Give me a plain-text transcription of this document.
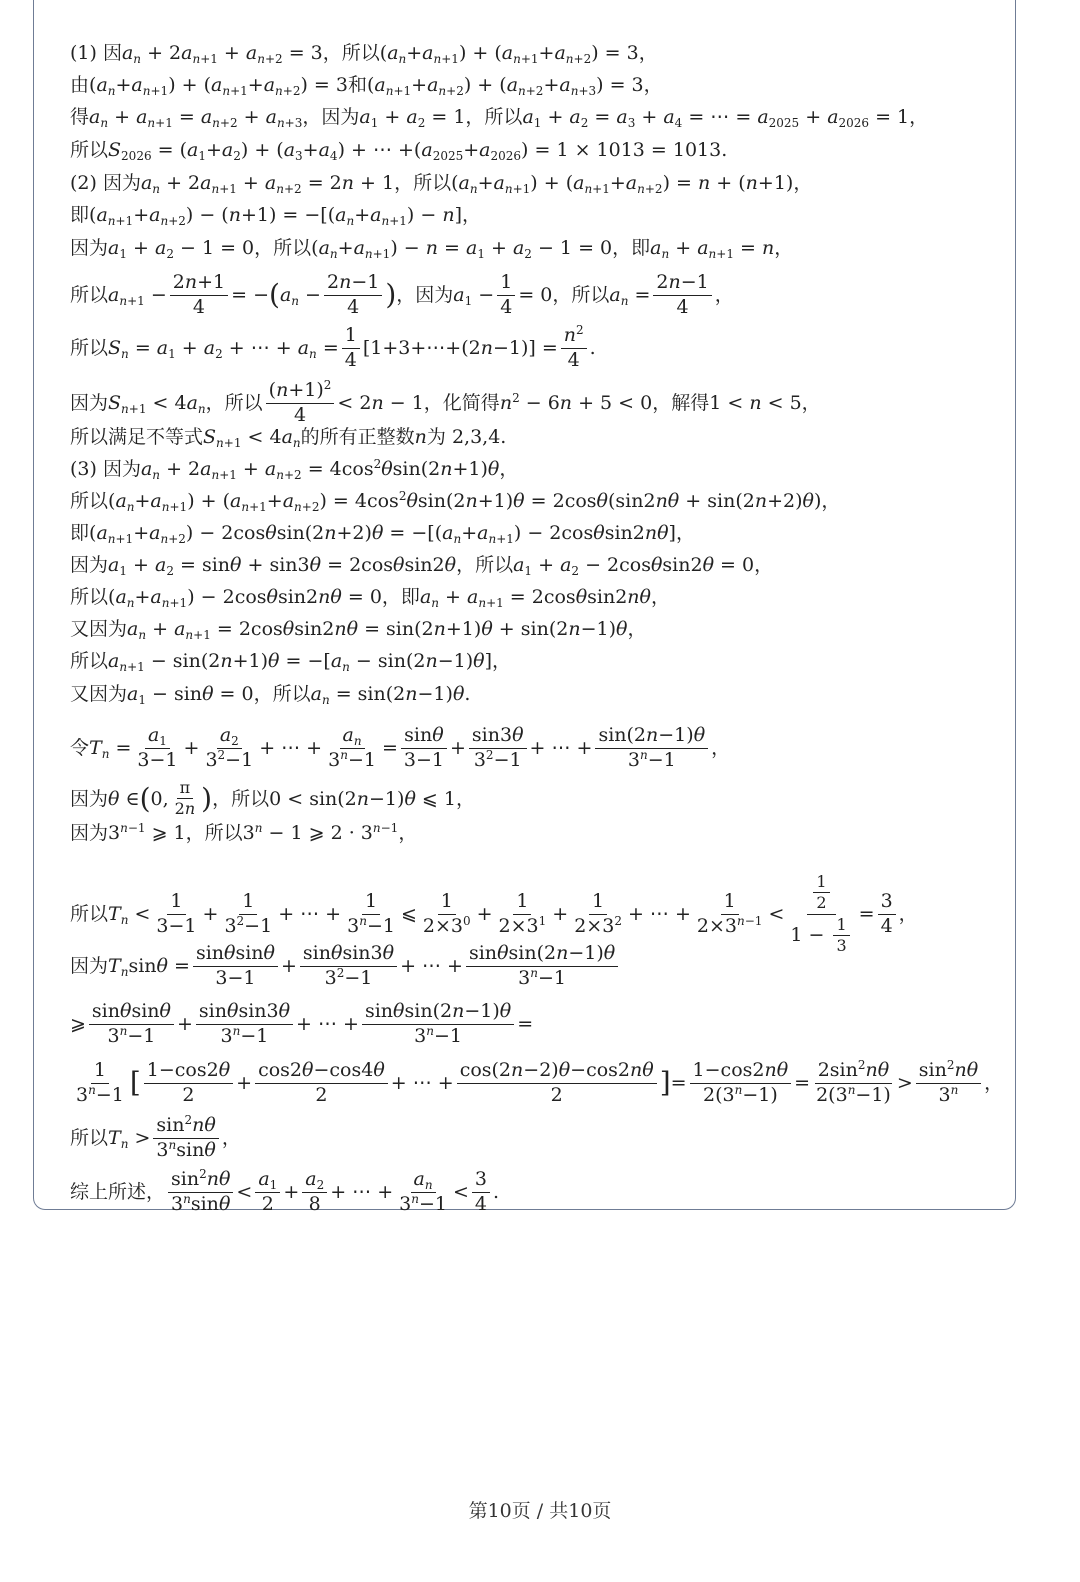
(1) 因 $a_n + 2a_{n+1} + a_{n+2} = 3$ ，所以 $(a_n+a_{n+1}) + (a_{n+1}+a_{n+2}) = 3$，
由 $(a_n+a_{n+1}) + (a_{n+1}+a_{n+2}) = 3$ 和 $(a_{n+1}+a_{n+2}) + (a_{n+2}+a_{n+3}) = 3$，
得 $a_n + a_{n+1} = a_{n+2} + a_{n+3}$ ，因为 $a_1 + a_2 = 1$ ，所以 $a_1 + a_2 = a_3 + a_4$ = ⋯ = $a_{2025} + a_{2026} = 1$，
所以 $S_{2026} = (a_1+a_2) + (a_3+a_4)$ + ⋯ $+(a_{2025}+a_{2026}) = 1 \times 1013 = 1013$.
(2) 因为 $a_n + 2a_{n+1} + a_{n+2} = 2n + 1$ ，所以 $(a_n+a_{n+1}) + (a_{n+1}+a_{n+2}) = n + (n+1)$，
即 $(a_{n+1}+a_{n+2}) - (n+1) = -[(a_n+a_{n+1}) - n]$，
因为 $a_1 + a_2 - 1 = 0$ ，所以 $(a_n+a_{n+1}) - n = a_1 + a_2 - 1 = 0$ ，即 $a_n + a_{n+1} = n$，
所以 $a_{n+1} - \frac{2n+1}{4}$ = − ( $a_n - \frac{2n-1}{4}$ ) ，因为 $a_1 - \frac{1}{4} = 0$ ，所以 $a_n = \frac{2n-1}{4}$ ，
所以 $S_n = a_1 + a_2$ + ⋯ + $a_n = \frac{1}{4}$ [1+3+⋯+(2n−1)] = $\frac{n^2}{4}$ .
因为 $S_{n+1} < 4a_n$ ，所以 $\frac{(n+1)^2}{4} < 2n - 1$ ，化简得 $n^2 - 6n + 5 < 0$ ，解得 1 < n < 5，
所以满足不等式 $S_{n+1} < 4a_n$ 的所有正整数 n 为 2,3,4.
(3) 因为 $a_n + 2a_{n+1} + a_{n+2} = 4\cos^2\theta\sin(2n+1)\theta$，
所以 $(a_n+a_{n+1}) + (a_{n+1}+a_{n+2}) = 4\cos^2\theta\sin(2n+1)\theta = 2\cos\theta(\sin 2n\theta + \sin(2n+2)\theta)$，
即 $(a_{n+1}+a_{n+2}) - 2\cos\theta\sin(2n+2)\theta = -[(a_n+a_{n+1}) - 2\cos\theta\sin 2n\theta]$，
因为 $a_1 + a_2 = \sin\theta + \sin 3\theta = 2\cos\theta\sin 2\theta$ ，所以 $a_1 + a_2 - 2\cos\theta\sin 2\theta = 0$，
所以 $(a_n+a_{n+1}) - 2\cos\theta\sin 2n\theta = 0$ ，即 $a_n + a_{n+1} = 2\cos\theta\sin 2n\theta$，
又因为 $a_n + a_{n+1} = 2\cos\theta\sin 2n\theta = \sin(2n+1)\theta + \sin(2n-1)\theta$，
所以 $a_{n+1} - \sin(2n+1)\theta = -[a_n - \sin(2n-1)\theta]$，
又因为 $a_1 - \sin\theta = 0$ ，所以 $a_n = \sin(2n-1)\theta$.
令 $T_n = \frac{a_1}{3-1} + \frac{a_2}{3^2-1}$ + ⋯ + $\frac{a_n}{3^n-1} = \frac{\sin\theta}{3-1} + \frac{\sin 3\theta}{3^2-1}$ + ⋯ + $\frac{\sin(2n-1)\theta}{3^n-1}$ ，
因为 θ ∈ ( 0, $\frac{\pi}{2n}$ ) ，所以 0 < sin(2n−1)θ ⩽ 1，
因为 $3^{n-1}$ ⩾ 1 ，所以 $3^n - 1$ ⩾ $2 \cdot 3^{n-1}$，
所以 $T_n < \frac{1}{3-1} + \frac{1}{3^2-1}$ + ⋯ + $\frac{1}{3^n-1}$ ⩽ $\frac{1}{2\times 3^0} + \frac{1}{2\times 3^1} + \frac{1}{2\times 3^2}$ + ⋯ + $\frac{1}{2\times 3^{n-1}} < \frac{\frac{1}{2}}{1 - \frac{1}{3}} = \frac{3}{4}$ ，
因为 $T_n\sin\theta = \frac{\sin\theta\sin\theta}{3-1} + \frac{\sin\theta\sin 3\theta}{3^2-1}$ + ⋯ + $\frac{\sin\theta\sin(2n-1)\theta}{3^n-1}$
⩾ $\frac{\sin\theta\sin\theta}{3^n-1} + \frac{\sin\theta\sin 3\theta}{3^n-1}$ + ⋯ + $\frac{\sin\theta\sin(2n-1)\theta}{3^n-1}$ =
$\frac{1}{3^n-1}$ [ $\frac{1-\cos 2\theta}{2} + \frac{\cos 2\theta-\cos 4\theta}{2}$ + ⋯ + $\frac{\cos(2n-2)\theta-\cos 2n\theta}{2}$ ] = $\frac{1-\cos 2n\theta}{2(3^n-1)} = \frac{2\sin^2n\theta}{2(3^n-1)} > \frac{\sin^2n\theta}{3^n}$ ，
所以 $T_n > \frac{\sin^2n\theta}{3^n\sin\theta}$ ，
综上所述， $\frac{\sin^2n\theta}{3^n\sin\theta} < \frac{a_1}{2} + \frac{a_2}{8}$ + ⋯ + $\frac{a_n}{3^n-1} < \frac{3}{4}$ .
第10页 / 共10页
